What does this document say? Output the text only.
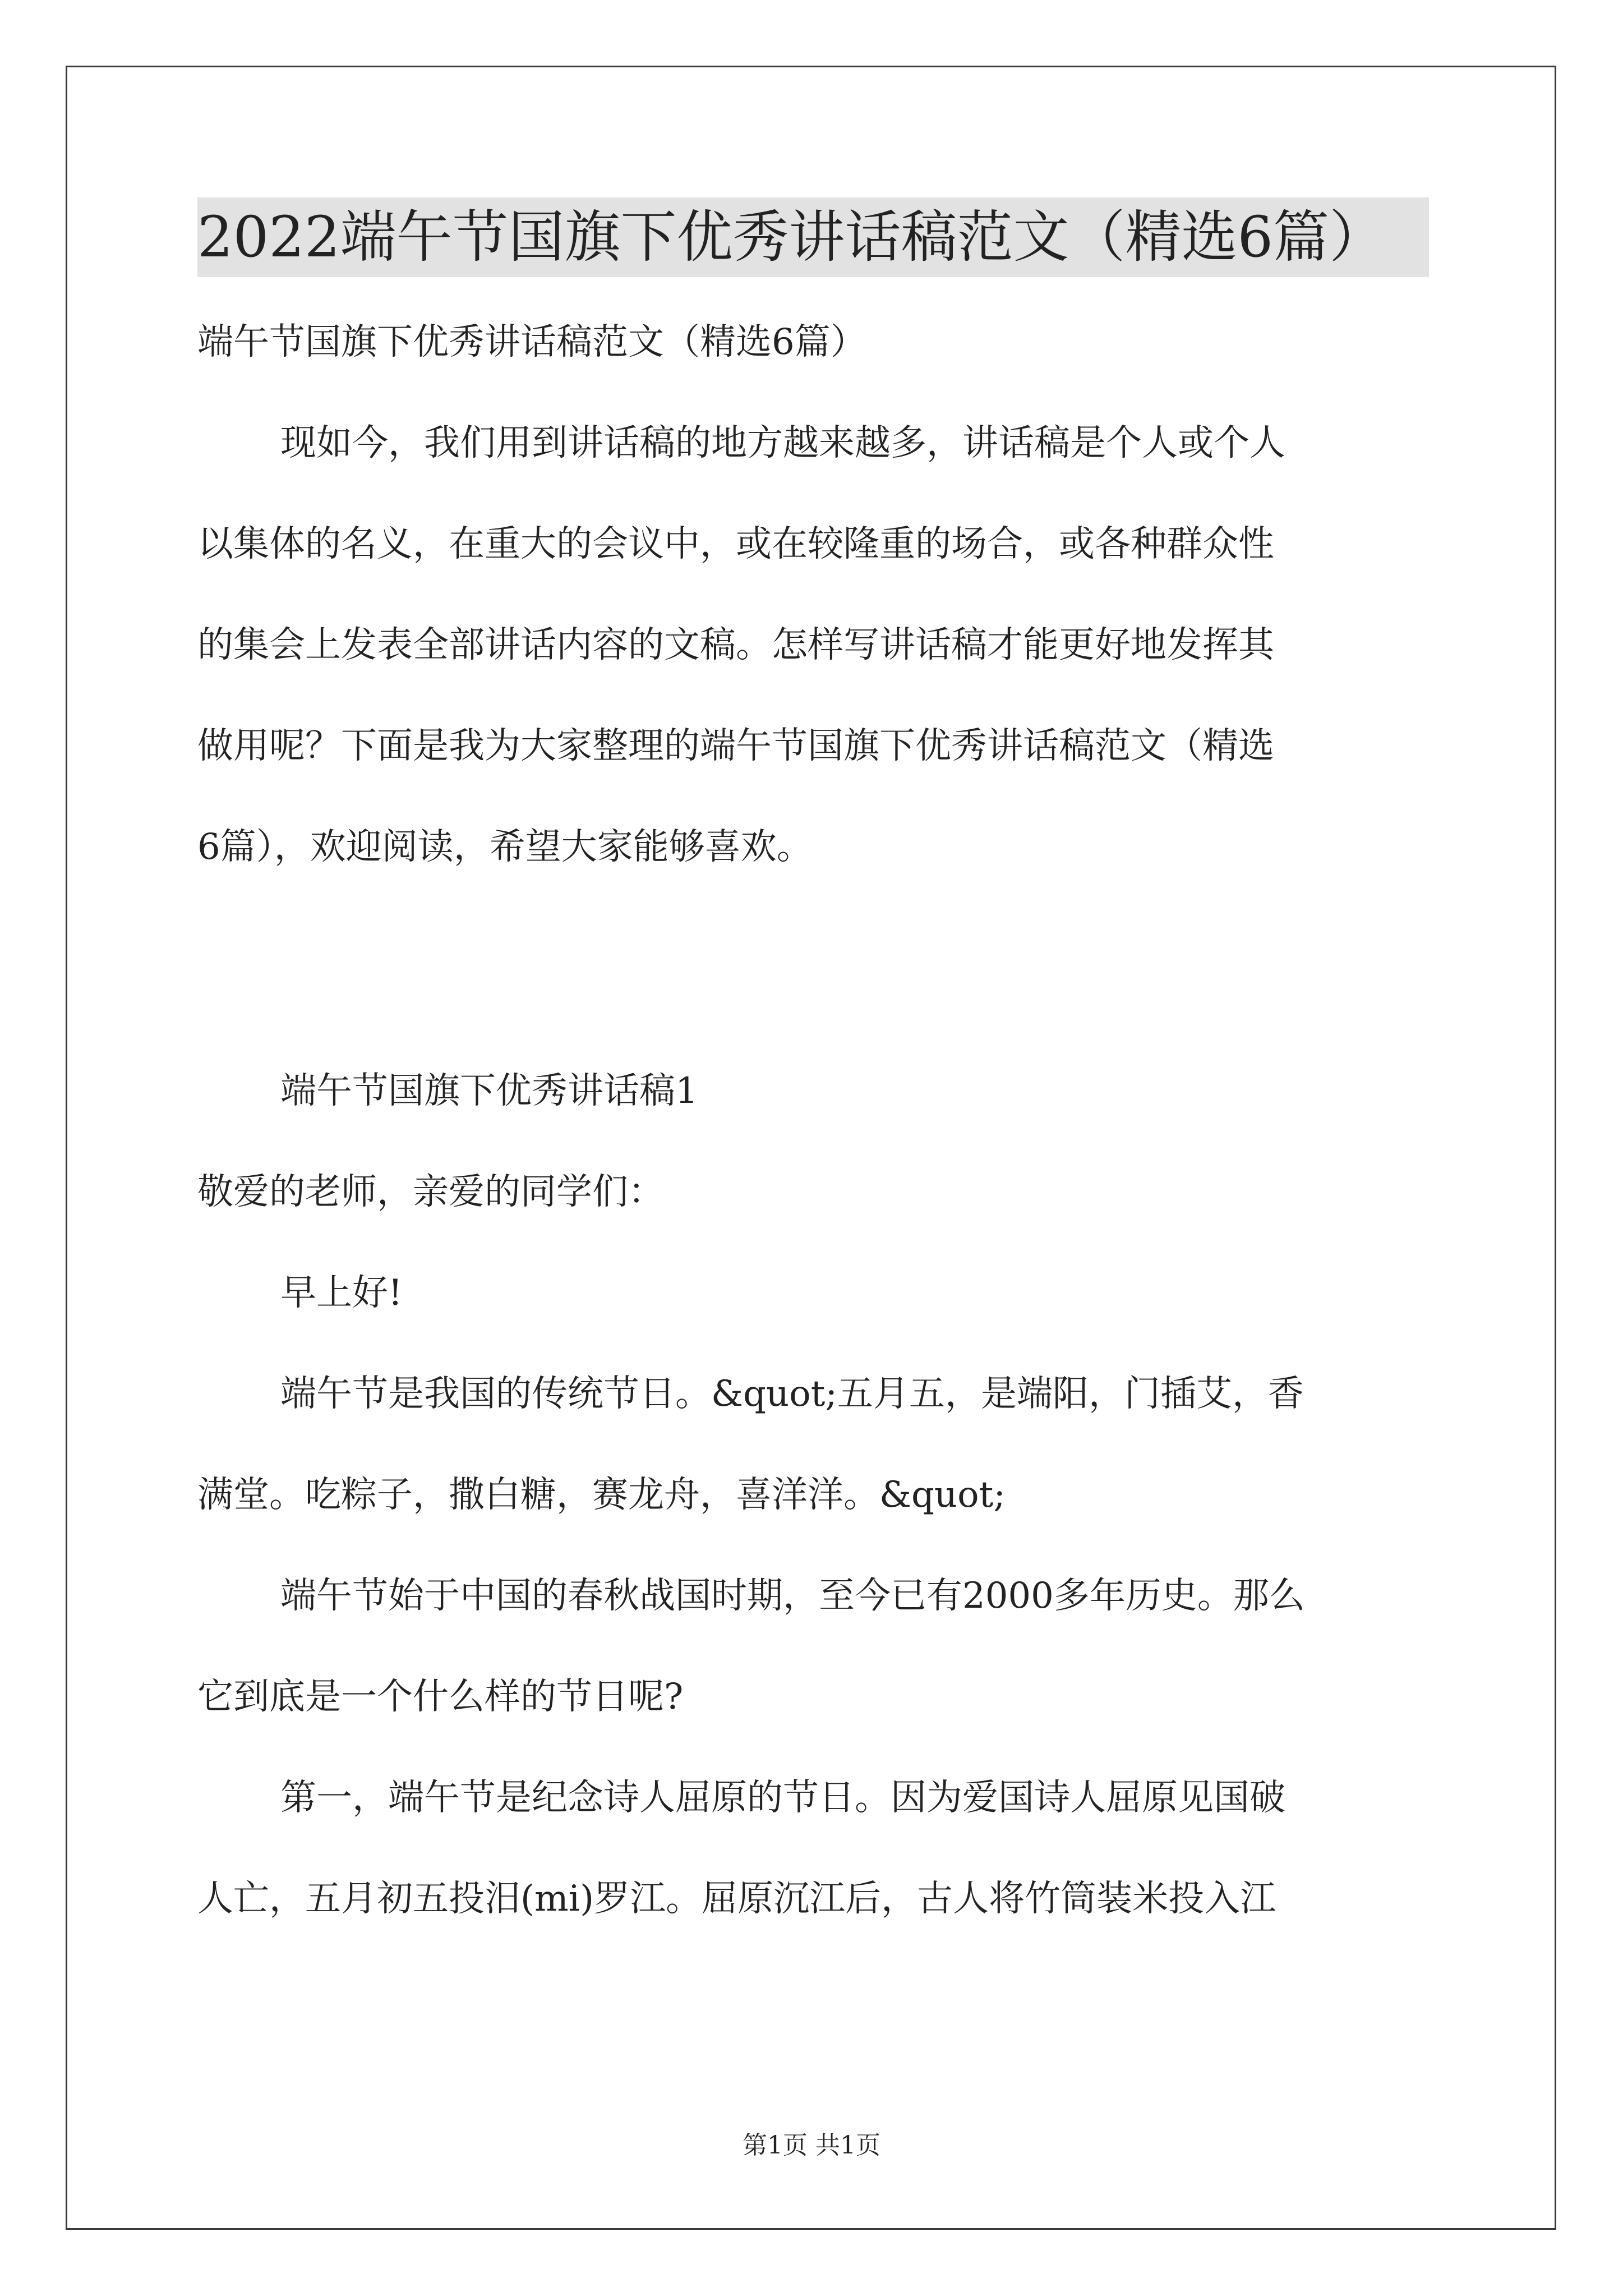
2022端午节国旗下优秀讲话稿范文（精选6篇）
端午节国旗下优秀讲话稿范文（精选6篇）
现如今，我们用到讲话稿的地方越来越多，讲话稿是个人或个人
以集体的名义，在重大的会议中，或在较隆重的场合，或各种群众性
的集会上发表全部讲话内容的文稿。怎样写讲话稿才能更好地发挥其
做用呢？下面是我为大家整理的端午节国旗下优秀讲话稿范文（精选
6篇），欢迎阅读，希望大家能够喜欢。
端午节国旗下优秀讲话稿1
敬爱的老师，亲爱的同学们：
早上好!
端午节是我国的传统节日。&quot;五月五，是端阳，门插艾，香
满堂。吃粽子，撒白糖，赛龙舟，喜洋洋。&quot;
端午节始于中国的春秋战国时期，至今已有2000多年历史。那么
它到底是一个什么样的节日呢?
第一，端午节是纪念诗人屈原的节日。因为爱国诗人屈原见国破
人亡，五月初五投汨(mi)罗江。屈原沉江后，古人将竹筒装米投入江
第1页 共1页
